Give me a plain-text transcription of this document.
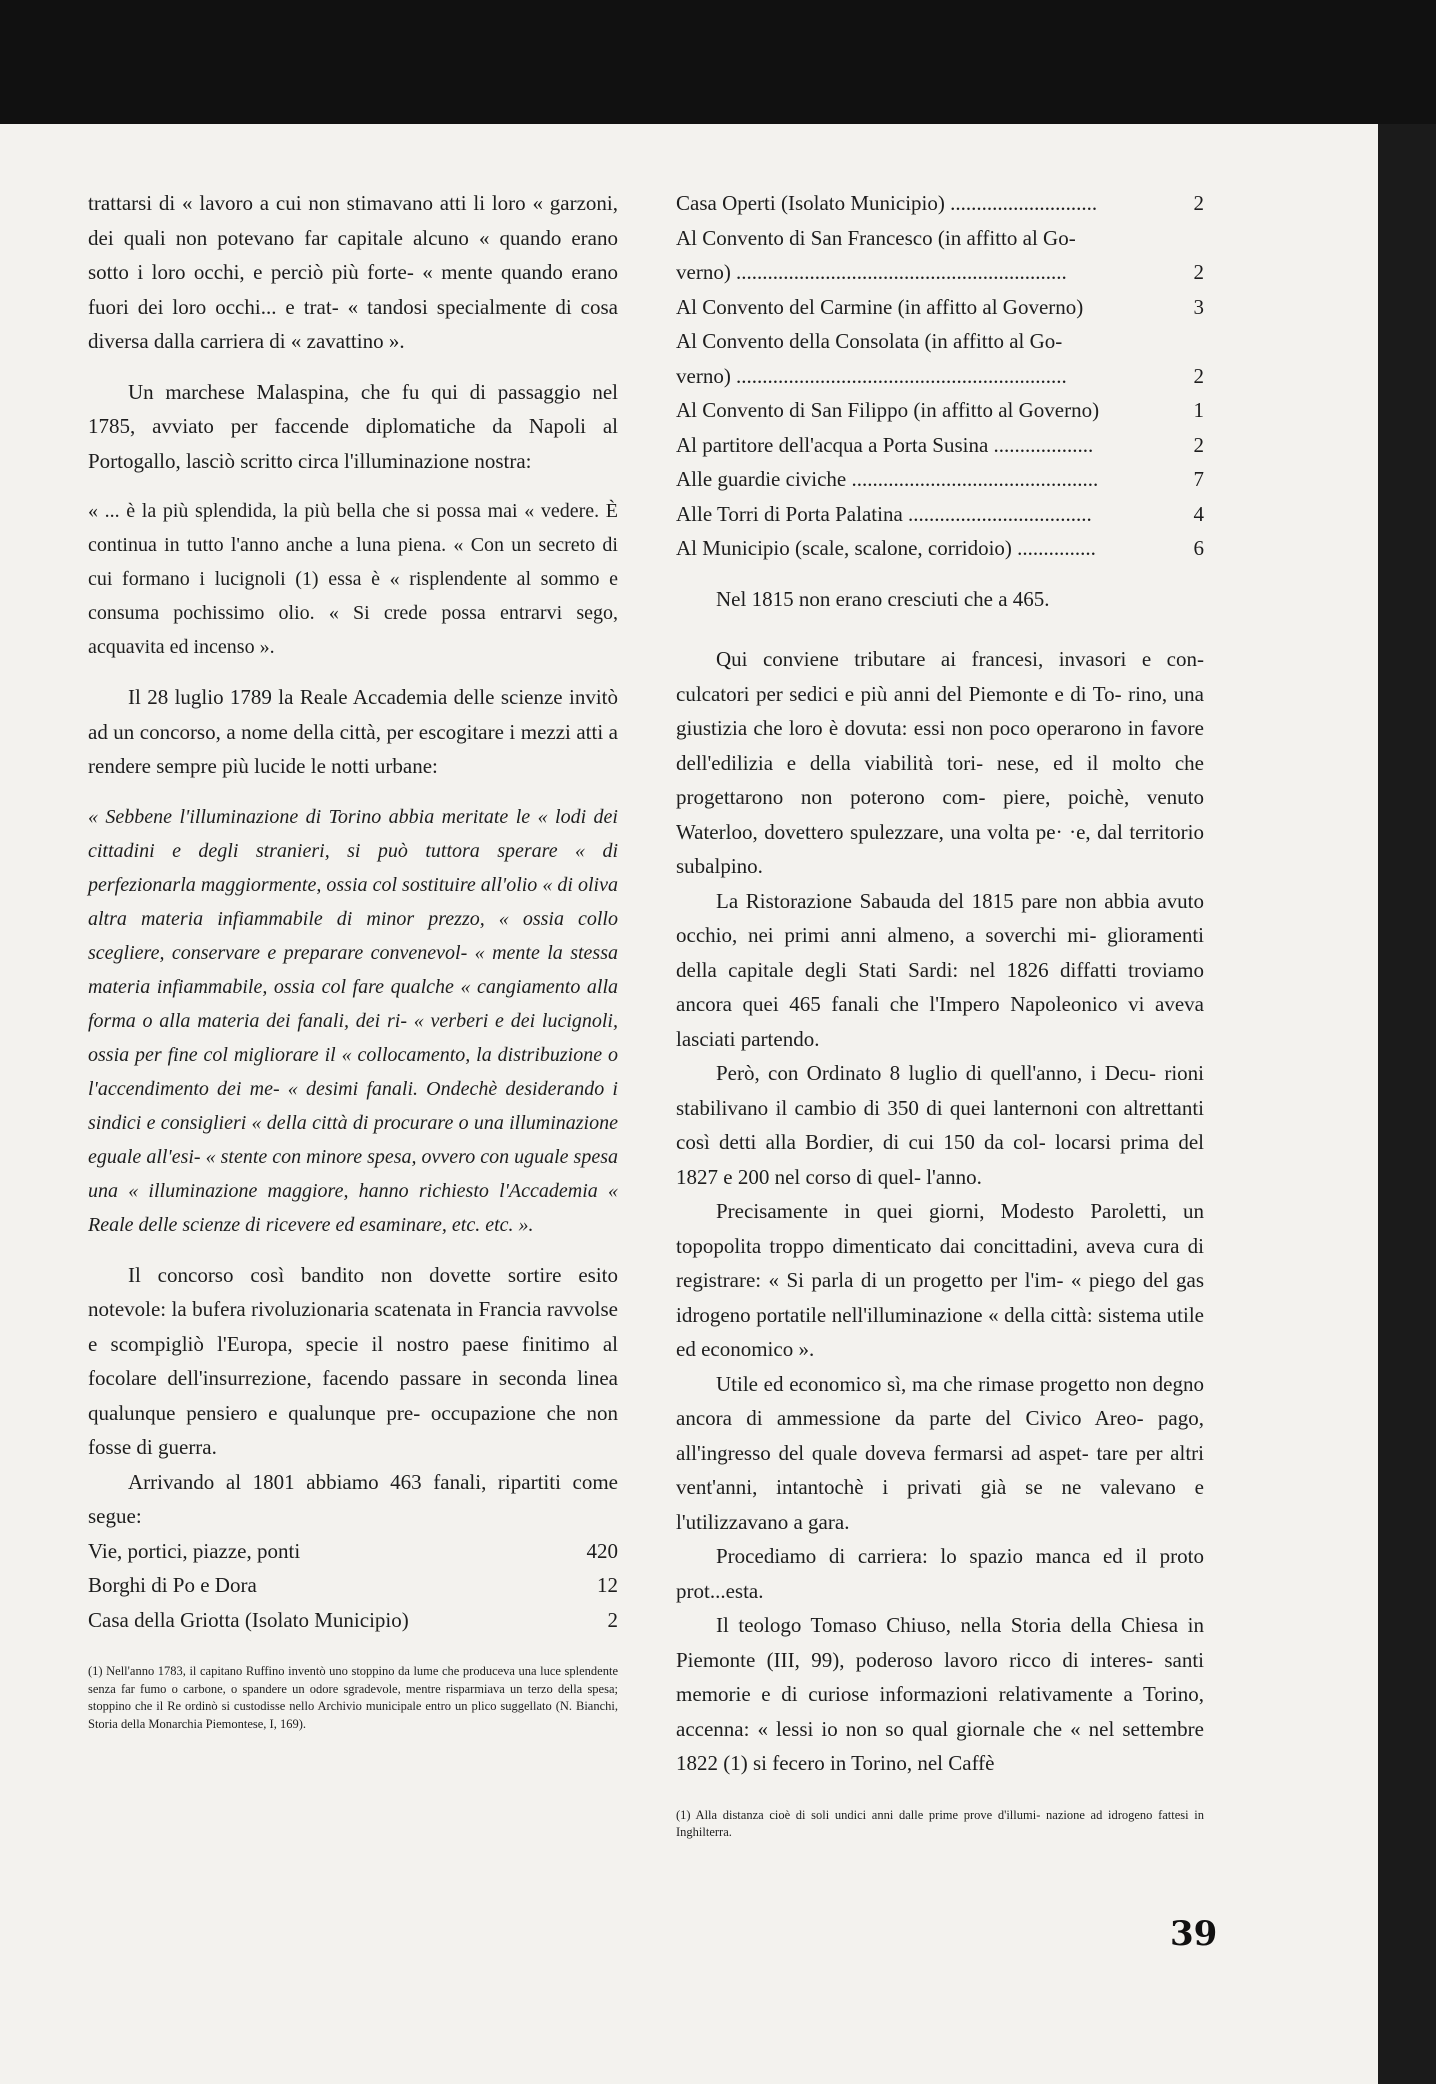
trattarsi di « lavoro a cui non stimavano atti li loro « garzoni, dei quali non potevano far capitale alcuno « quando erano sotto i loro occhi, e perciò più forte- « mente quando erano fuori dei loro occhi... e trat- « tandosi specialmente di cosa diversa dalla carriera di « zavattino ».

Un marchese Malaspina, che fu qui di passaggio nel 1785, avviato per faccende diplomatiche da Napoli al Portogallo, lasciò scritto circa l'illuminazione nostra:

« ... è la più splendida, la più bella che si possa mai « vedere. È continua in tutto l'anno anche a luna piena. « Con un secreto di cui formano i lucignoli (1) essa è « risplendente al sommo e consuma pochissimo olio. « Si crede possa entrarvi sego, acquavita ed incenso ».

Il 28 luglio 1789 la Reale Accademia delle scienze invitò ad un concorso, a nome della città, per escogitare i mezzi atti a rendere sempre più lucide le notti urbane:

« Sebbene l'illuminazione di Torino abbia meritate le « lodi dei cittadini e degli stranieri, si può tuttora sperare « di perfezionarla maggiormente, ossia col sostituire all'olio « di oliva altra materia infiammabile di minor prezzo, « ossia collo scegliere, conservare e preparare convenevol- « mente la stessa materia infiammabile, ossia col fare qualche « cangiamento alla forma o alla materia dei fanali, dei ri- « verberi e dei lucignoli, ossia per fine col migliorare il « collocamento, la distribuzione o l'accendimento dei me- « desimi fanali. Ondechè desiderando i sindici e consiglieri « della città di procurare o una illuminazione eguale all'esi- « stente con minore spesa, ovvero con uguale spesa una « illuminazione maggiore, hanno richiesto l'Accademia « Reale delle scienze di ricevere ed esaminare, etc. etc. ».

Il concorso così bandito non dovette sortire esito notevole: la bufera rivoluzionaria scatenata in Francia ravvolse e scompigliò l'Europa, specie il nostro paese finitimo al focolare dell'insurrezione, facendo passare in seconda linea qualunque pensiero e qualunque pre- occupazione che non fosse di guerra.

Arrivando al 1801 abbiamo 463 fanali, ripartiti come segue:

Vie, portici, piazze, ponti	420
Borghi di Po e Dora	12
Casa della Griotta (Isolato Municipio)	2

(1) Nell'anno 1783, il capitano Ruffino inventò uno stoppino da lume che produceva una luce splendente senza far fumo o carbone, o spandere un odore sgradevole, mentre risparmiava un terzo della spesa; stoppino che il Re ordinò si custodisse nello Archivio municipale entro un plico suggellato (N. Bianchi, Storia della Monarchia Piemontese, I, 169).

Casa Operti (Isolato Municipio) ............................	2
Al Convento di San Francesco (in affitto al Go-
verno) ...............................................................	2
Al Convento del Carmine (in affitto al Governo)	3
Al Convento della Consolata (in affitto al Go-
verno) ...............................................................	2
Al Convento di San Filippo (in affitto al Governo)	1
Al partitore dell'acqua a Porta Susina ...................	2
Alle guardie civiche ...............................................	7
Alle Torri di Porta Palatina ...................................	4
Al Municipio (scale, scalone, corridoio) ...............	6

Nel 1815 non erano cresciuti che a 465.

Qui conviene tributare ai francesi, invasori e con- culcatori per sedici e più anni del Piemonte e di To- rino, una giustizia che loro è dovuta: essi non poco operarono in favore dell'edilizia e della viabilità tori- nese, ed il molto che progettarono non poterono com- piere, poichè, venuto Waterloo, dovettero spulezzare, una volta pe· ·e, dal territorio subalpino.

La Ristorazione Sabauda del 1815 pare non abbia avuto occhio, nei primi anni almeno, a soverchi mi- glioramenti della capitale degli Stati Sardi: nel 1826 diffatti troviamo ancora quei 465 fanali che l'Impero Napoleonico vi aveva lasciati partendo.

Però, con Ordinato 8 luglio di quell'anno, i Decu- rioni stabilivano il cambio di 350 di quei lanternoni con altrettanti così detti alla Bordier, di cui 150 da col- locarsi prima del 1827 e 200 nel corso di quel- l'anno.

Precisamente in quei giorni, Modesto Paroletti, un topopolita troppo dimenticato dai concittadini, aveva cura di registrare: « Si parla di un progetto per l'im- « piego del gas idrogeno portatile nell'illuminazione « della città: sistema utile ed economico ».

Utile ed economico sì, ma che rimase progetto non degno ancora di ammessione da parte del Civico Areo- pago, all'ingresso del quale doveva fermarsi ad aspet- tare per altri vent'anni, intantochè i privati già se ne valevano e l'utilizzavano a gara.

Procediamo di carriera: lo spazio manca ed il proto prot...esta.

Il teologo Tomaso Chiuso, nella Storia della Chiesa in Piemonte (III, 99), poderoso lavoro ricco di interes- santi memorie e di curiose informazioni relativamente a Torino, accenna: « lessi io non so qual giornale che « nel settembre 1822 (1) si fecero in Torino, nel Caffè

(1) Alla distanza cioè di soli undici anni dalle prime prove d'illumi- nazione ad idrogeno fattesi in Inghilterra.

39
